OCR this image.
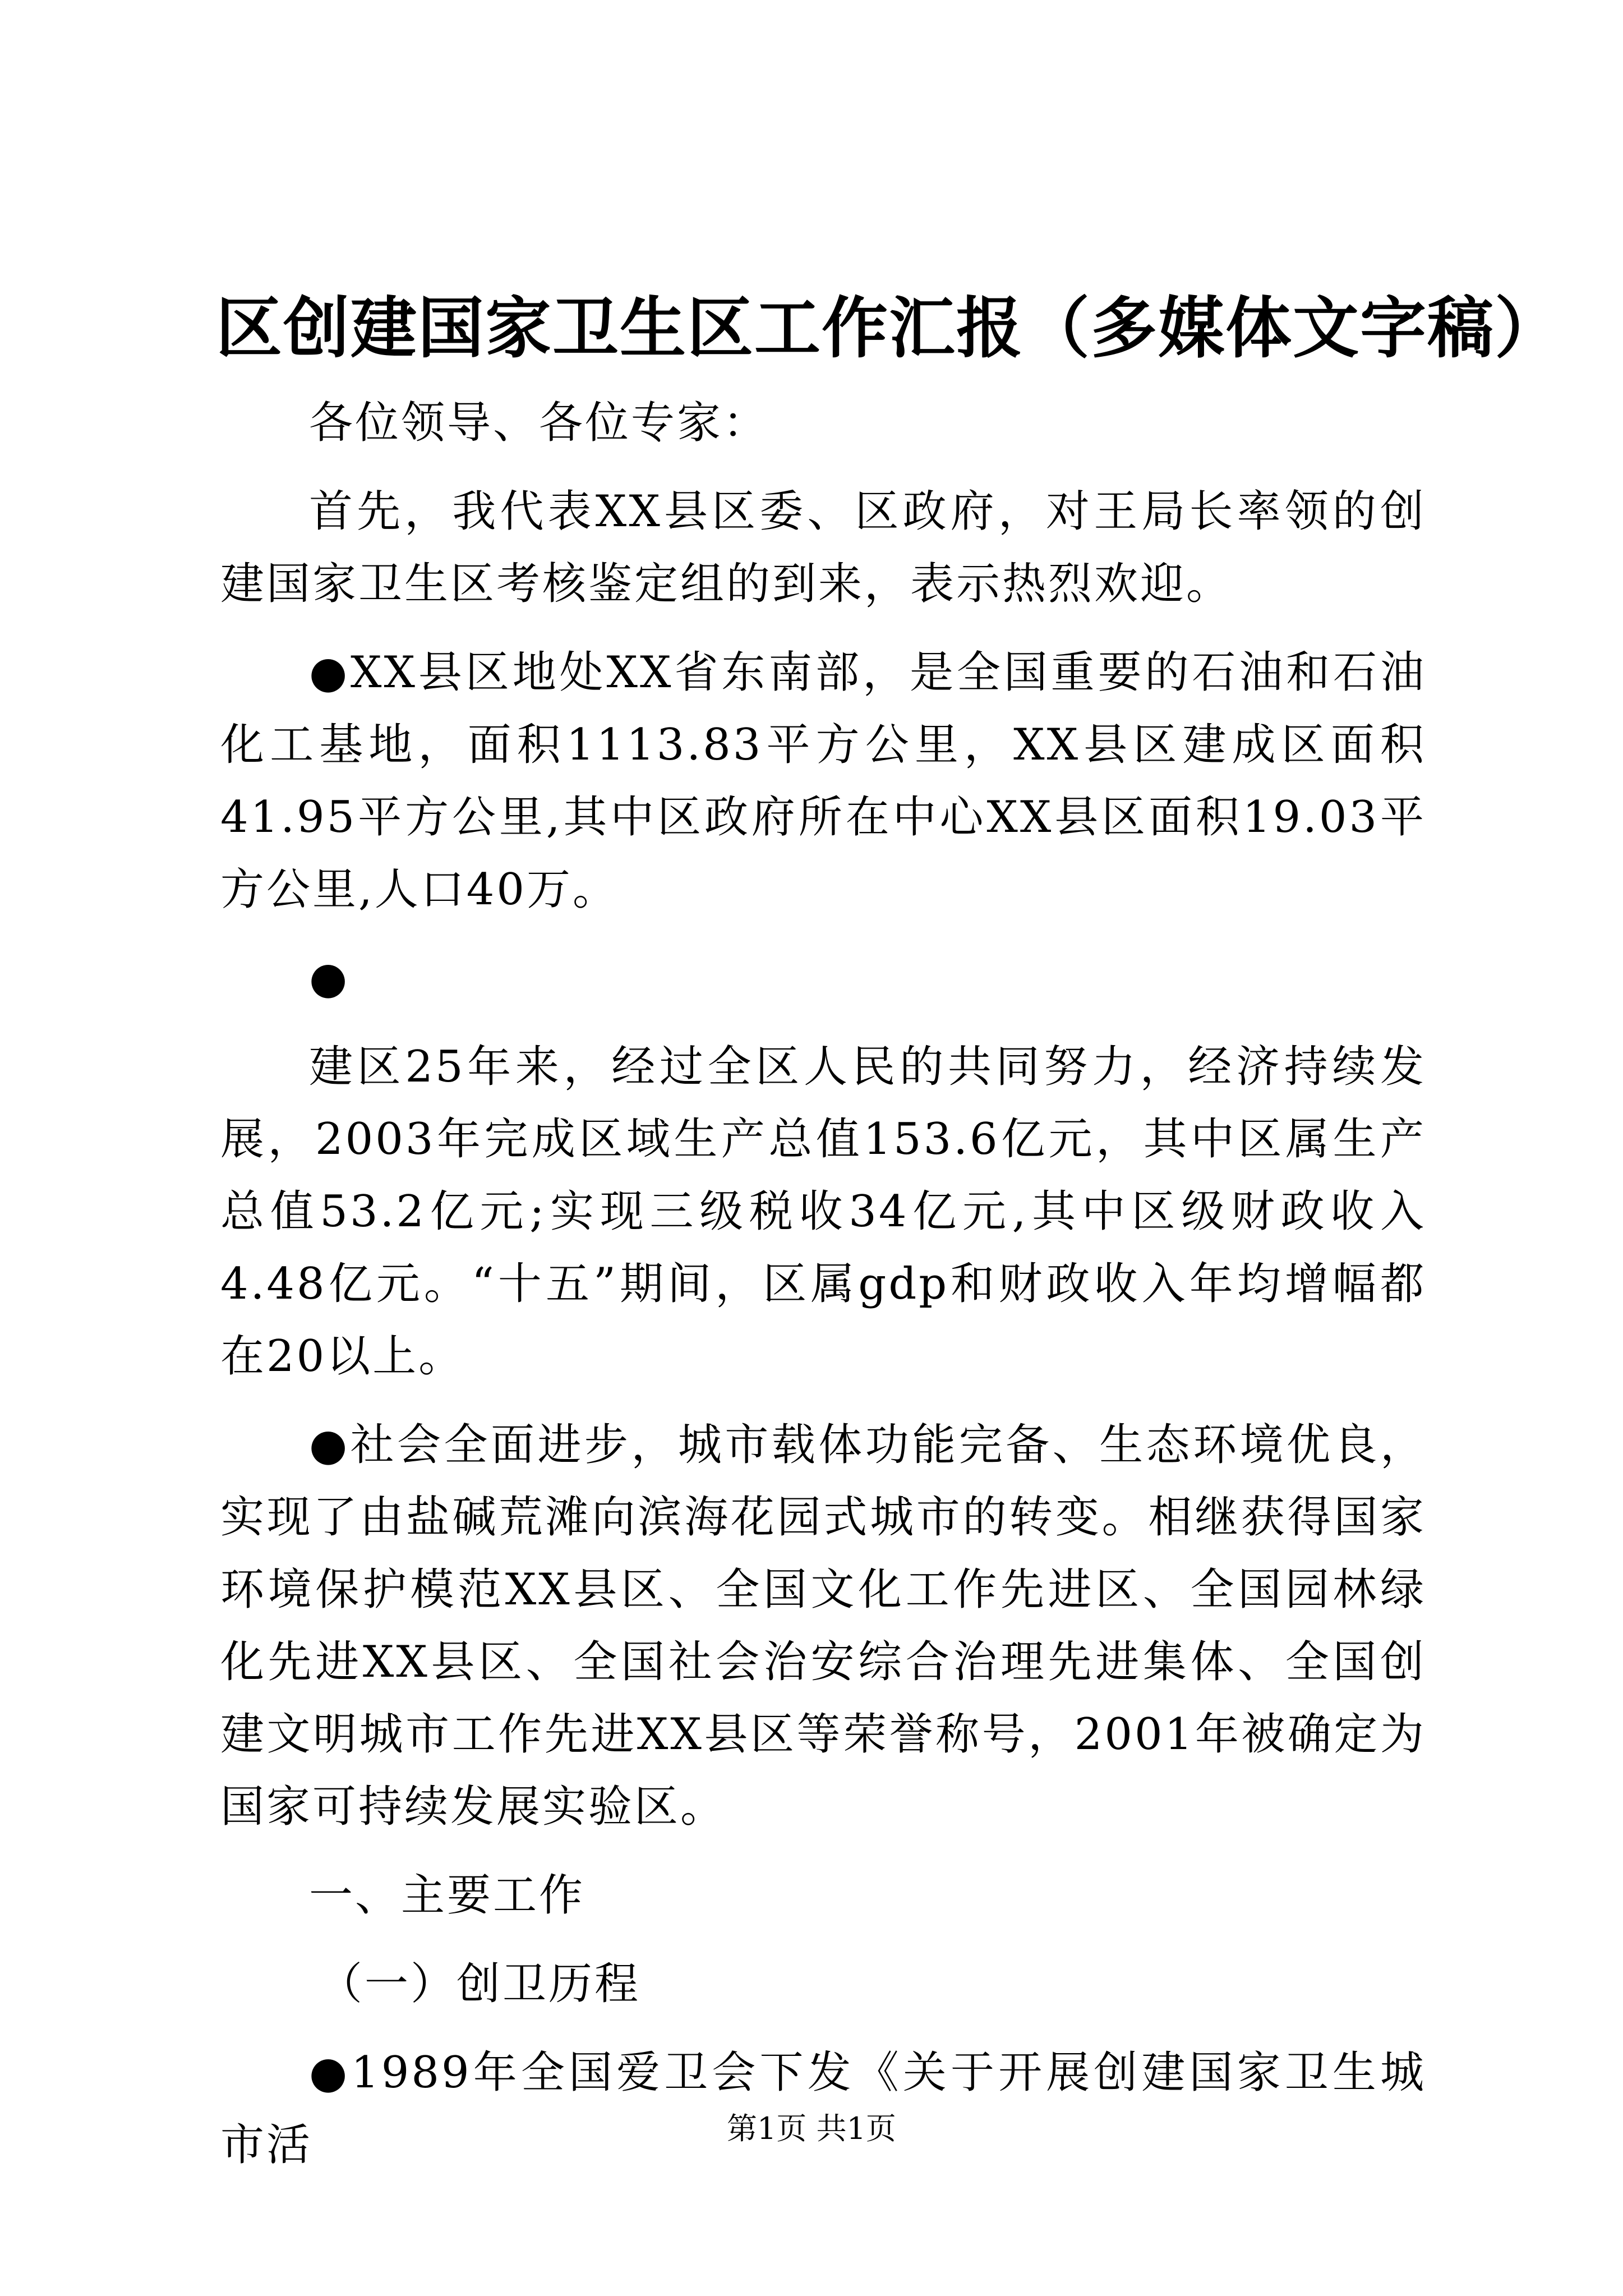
区创建国家卫生区工作汇报（多媒体文字稿）

各位领导、各位专家：

首先，我代表XX县区委、区政府，对王局长率领的创建国家卫生区考核鉴定组的到来，表示热烈欢迎。

●XX县区地处XX省东南部，是全国重要的石油和石油化工基地，面积1113.83平方公里，XX县区建成区面积41.95平方公里,其中区政府所在中心XX县区面积19.03平方公里,人口40万。

●

建区25年来，经过全区人民的共同努力，经济持续发展，2003年完成区域生产总值153.6亿元，其中区属生产总值53.2亿元;实现三级税收34亿元,其中区级财政收入4.48亿元。“十五”期间，区属gdp和财政收入年均增幅都在20以上。

●社会全面进步，城市载体功能完备、生态环境优良，实现了由盐碱荒滩向滨海花园式城市的转变。相继获得国家环境保护模范XX县区、全国文化工作先进区、全国园林绿化先进XX县区、全国社会治安综合治理先进集体、全国创建文明城市工作先进XX县区等荣誉称号，2001年被确定为国家可持续发展实验区。

一、主要工作

（一）创卫历程

●1989年全国爱卫会下发《关于开展创建国家卫生城市活	第1页 共1页
